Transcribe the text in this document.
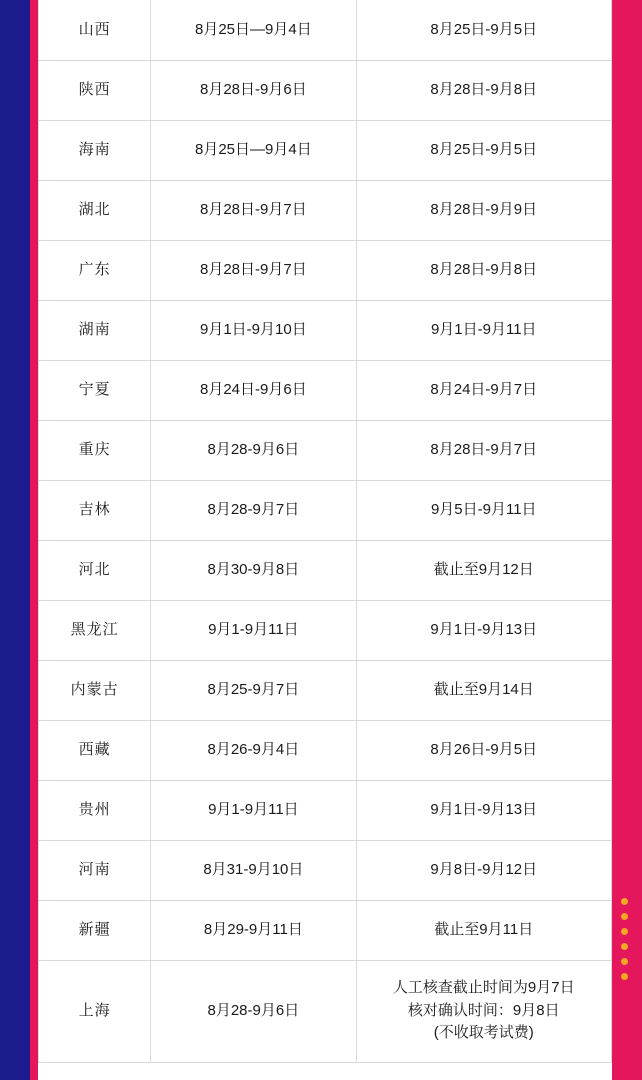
山西	8月25日—9月4日	8月25日-9月5日

陕西	8月28日-9月6日	8月28日-9月8日

海南	8月25日—9月4日	8月25日-9月5日

湖北	8月28日-9月7日	8月28日-9月9日

广东	8月28日-9月7日	8月28日-9月8日

湖南	9月1日-9月10日	9月1日-9月11日

宁夏	8月24日-9月6日	8月24日-9月7日

重庆	8月28-9月6日	8月28日-9月7日

吉林	8月28-9月7日	9月5日-9月11日

河北	8月30-9月8日	截止至9月12日

黑龙江	9月1-9月11日	9月1日-9月13日

内蒙古	8月25-9月7日	截止至9月14日

西藏	8月26-9月4日	8月26日-9月5日

贵州	9月1-9月11日	9月1日-9月13日

河南	8月31-9月10日	9月8日-9月12日

新疆	8月29-9月11日	截止至9月11日

上海	8月28-9月6日	人工核查截止时间为9月7日
核对确认时间：9月8日
(不收取考试费)
